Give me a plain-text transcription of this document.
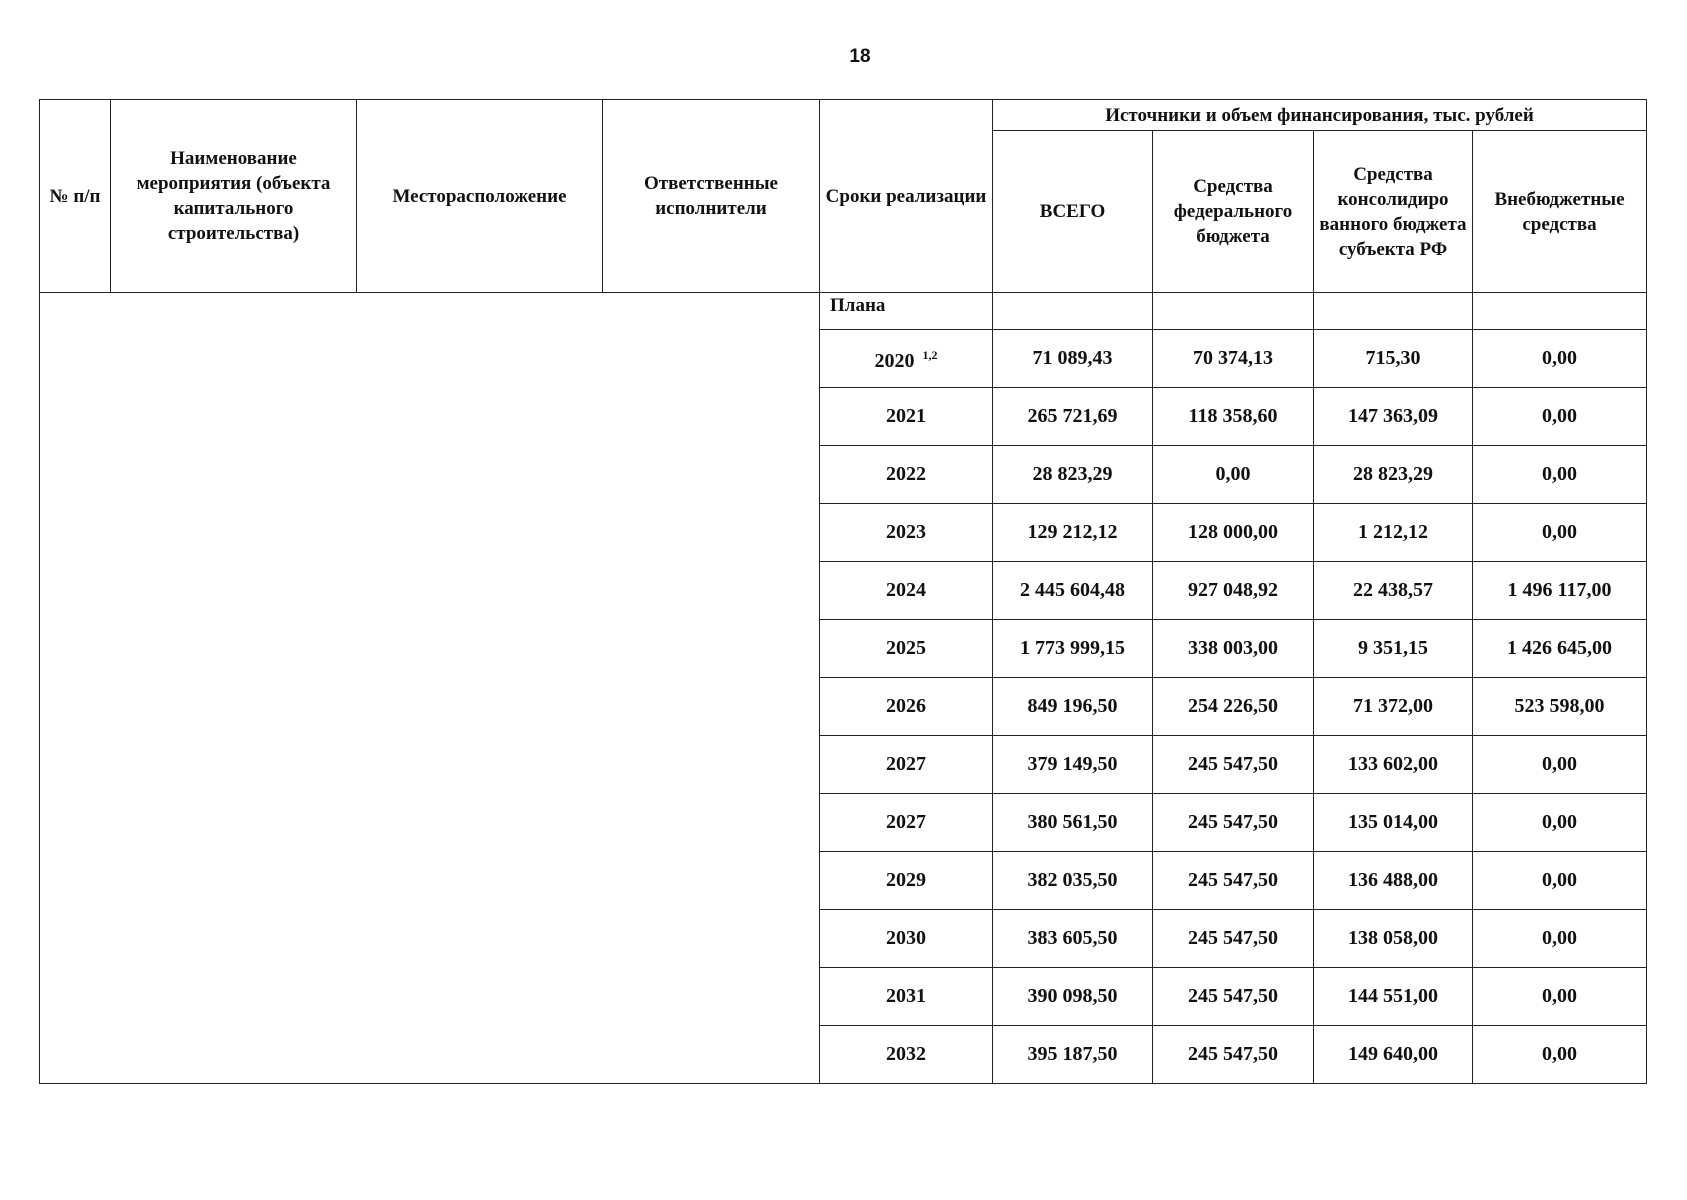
18
№ п/п	Наименование мероприятия (объекта капитального строительства)	Месторасположение	Ответственные исполнители	Сроки реализации	Источники и объем финансирования, тыс. рублей			
					ВСЕГО	Средства федерального бюджета	Средства консолидиро ванного бюджета субъекта РФ	Внебюджетные средства
				Плана				
				2020 $^{1,2}$	71 089,43	70 374,13	715,30	0,00
				2021	265 721,69	118 358,60	147 363,09	0,00
				2022	28 823,29	0,00	28 823,29	0,00
				2023	129 212,12	128 000,00	1 212,12	0,00
				2024	2 445 604,48	927 048,92	22 438,57	1 496 117,00
				2025	1 773 999,15	338 003,00	9 351,15	1 426 645,00
				2026	849 196,50	254 226,50	71 372,00	523 598,00
				2027	379 149,50	245 547,50	133 602,00	0,00
				2027	380 561,50	245 547,50	135 014,00	0,00
				2029	382 035,50	245 547,50	136 488,00	0,00
				2030	383 605,50	245 547,50	138 058,00	0,00
				2031	390 098,50	245 547,50	144 551,00	0,00
				2032	395 187,50	245 547,50	149 640,00	0,00
